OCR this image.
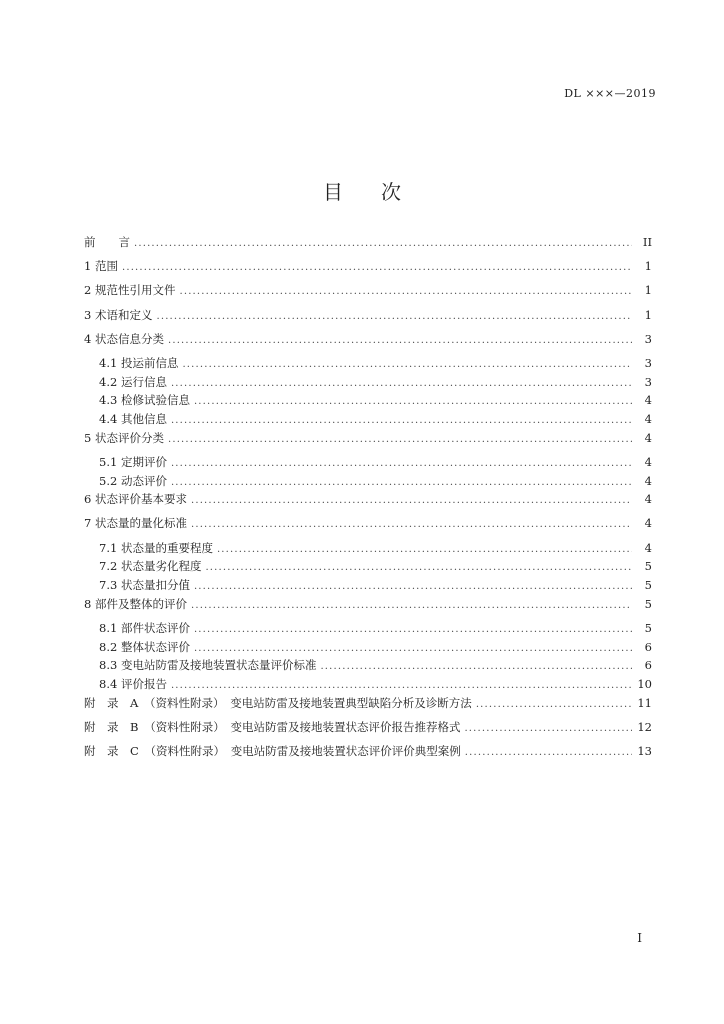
DL ×××—2019
目次
前　　言 . . .	II
1 范围 . . .	1
2 规范性引用文件 . . .	1
3 术语和定义 . . .	1
4 状态信息分类 . . .	3
4.1 投运前信息 . . .	3
4.2 运行信息 . . .	3
4.3 检修试验信息 . . .	4
4.4 其他信息 . . .	4
5 状态评价分类 . . .	4
5.1 定期评价 . . .	4
5.2 动态评价 . . .	4
6 状态评价基本要求 . . .	4
7 状态量的量化标准 . . .	4
7.1 状态量的重要程度 . . .	4
7.2 状态量劣化程度 . . .	5
7.3 状态量扣分值 . . .	5
8 部件及整体的评价 . . .	5
8.1 部件状态评价 . . .	5
8.2 整体状态评价 . . .	6
8.3 变电站防雷及接地装置状态量评价标准 . . .	6
8.4 评价报告 . . .	10
附　录　A　（资料性附录）　变电站防雷及接地装置典型缺陷分析及诊断方法 . . .	11
附　录　B　（资料性附录）　变电站防雷及接地装置状态评价报告推荐格式 . . .	12
附　录　C　（资料性附录）　变电站防雷及接地装置状态评价评价典型案例 . . .	13
I
